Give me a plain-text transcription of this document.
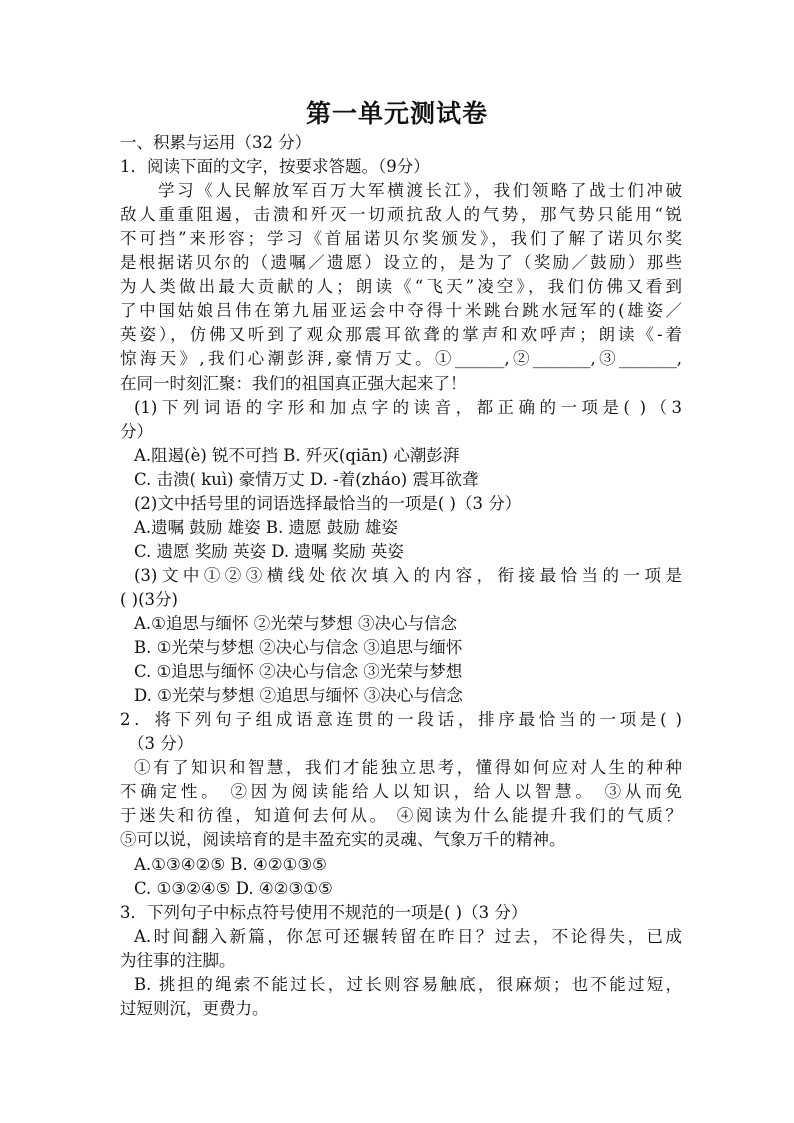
第一单元测试卷
一、积累与运用（32 分）
1．阅读下面的文字，按要求答题。（9分）
学习《人民解放军百万大军横渡长江》，我们领略了战士们冲破
敌人重重阻遏，击溃和歼灭一切顽抗敌人的气势，那气势只能用“锐
不可挡”来形容；学习《首届诺贝尔奖颁发》，我们了解了诺贝尔奖
是根据诺贝尔的（遗嘱／遗愿）设立的，是为了（奖励／鼓励）那些
为人类做出最大贡献的人；朗读《“飞天”凌空》，我们仿佛又看到
了中国姑娘吕伟在第九届亚运会中夺得十米跳台跳水冠军的(雄姿／
英姿），仿佛又听到了观众那震耳欲聋的掌声和欢呼声；朗读《-着
惊海天》,我们心潮彭湃,豪情万丈。①______,②_______,③_______,
在同一时刻汇聚：我们的祖国真正强大起来了！
(1)下列词语的字形和加点字的读音，都正确的一项是( )（3
分）
A.阻遏(è) 锐不可挡 B. 歼灭(qiān) 心潮彭湃
C. 击溃( kuì) 豪情万丈 D. -着(zháo) 震耳欲聋
(2)文中括号里的词语选择最恰当的一项是( )（3 分）
A.遗嘱 鼓励 雄姿 B. 遗愿 鼓励 雄姿
C. 遗愿 奖励 英姿 D. 遗嘱 奖励 英姿
(3)文中①②③横线处依次填入的内容，衔接最恰当的一项是
( )(3分)
A.①追思与缅怀 ②光荣与梦想 ③决心与信念
B. ①光荣与梦想 ②决心与信念 ③追思与缅怀
C. ①追思与缅怀 ②决心与信念 ③光荣与梦想
D. ①光荣与梦想 ②追思与缅怀 ③决心与信念
2．将下列句子组成语意连贯的一段话，排序最恰当的一项是( )
（3 分）
①有了知识和智慧，我们才能独立思考，懂得如何应对人生的种种
不确定性。 ②因为阅读能给人以知识，给人以智慧。 ③从而免
于迷失和彷徨，知道何去何从。 ④阅读为什么能提升我们的气质？
⑤可以说，阅读培育的是丰盈充实的灵魂、气象万千的精神。
A.①③④②⑤ B. ④②①③⑤
C. ①③②④⑤ D. ④②③①⑤
3．下列句子中标点符号使用不规范的一项是( )（3 分）
A.时间翻入新篇，你怎可还辗转留在昨日？过去，不论得失，已成
为往事的注脚。
B. 挑担的绳索不能过长，过长则容易触底，很麻烦；也不能过短，
过短则沉，更费力。
